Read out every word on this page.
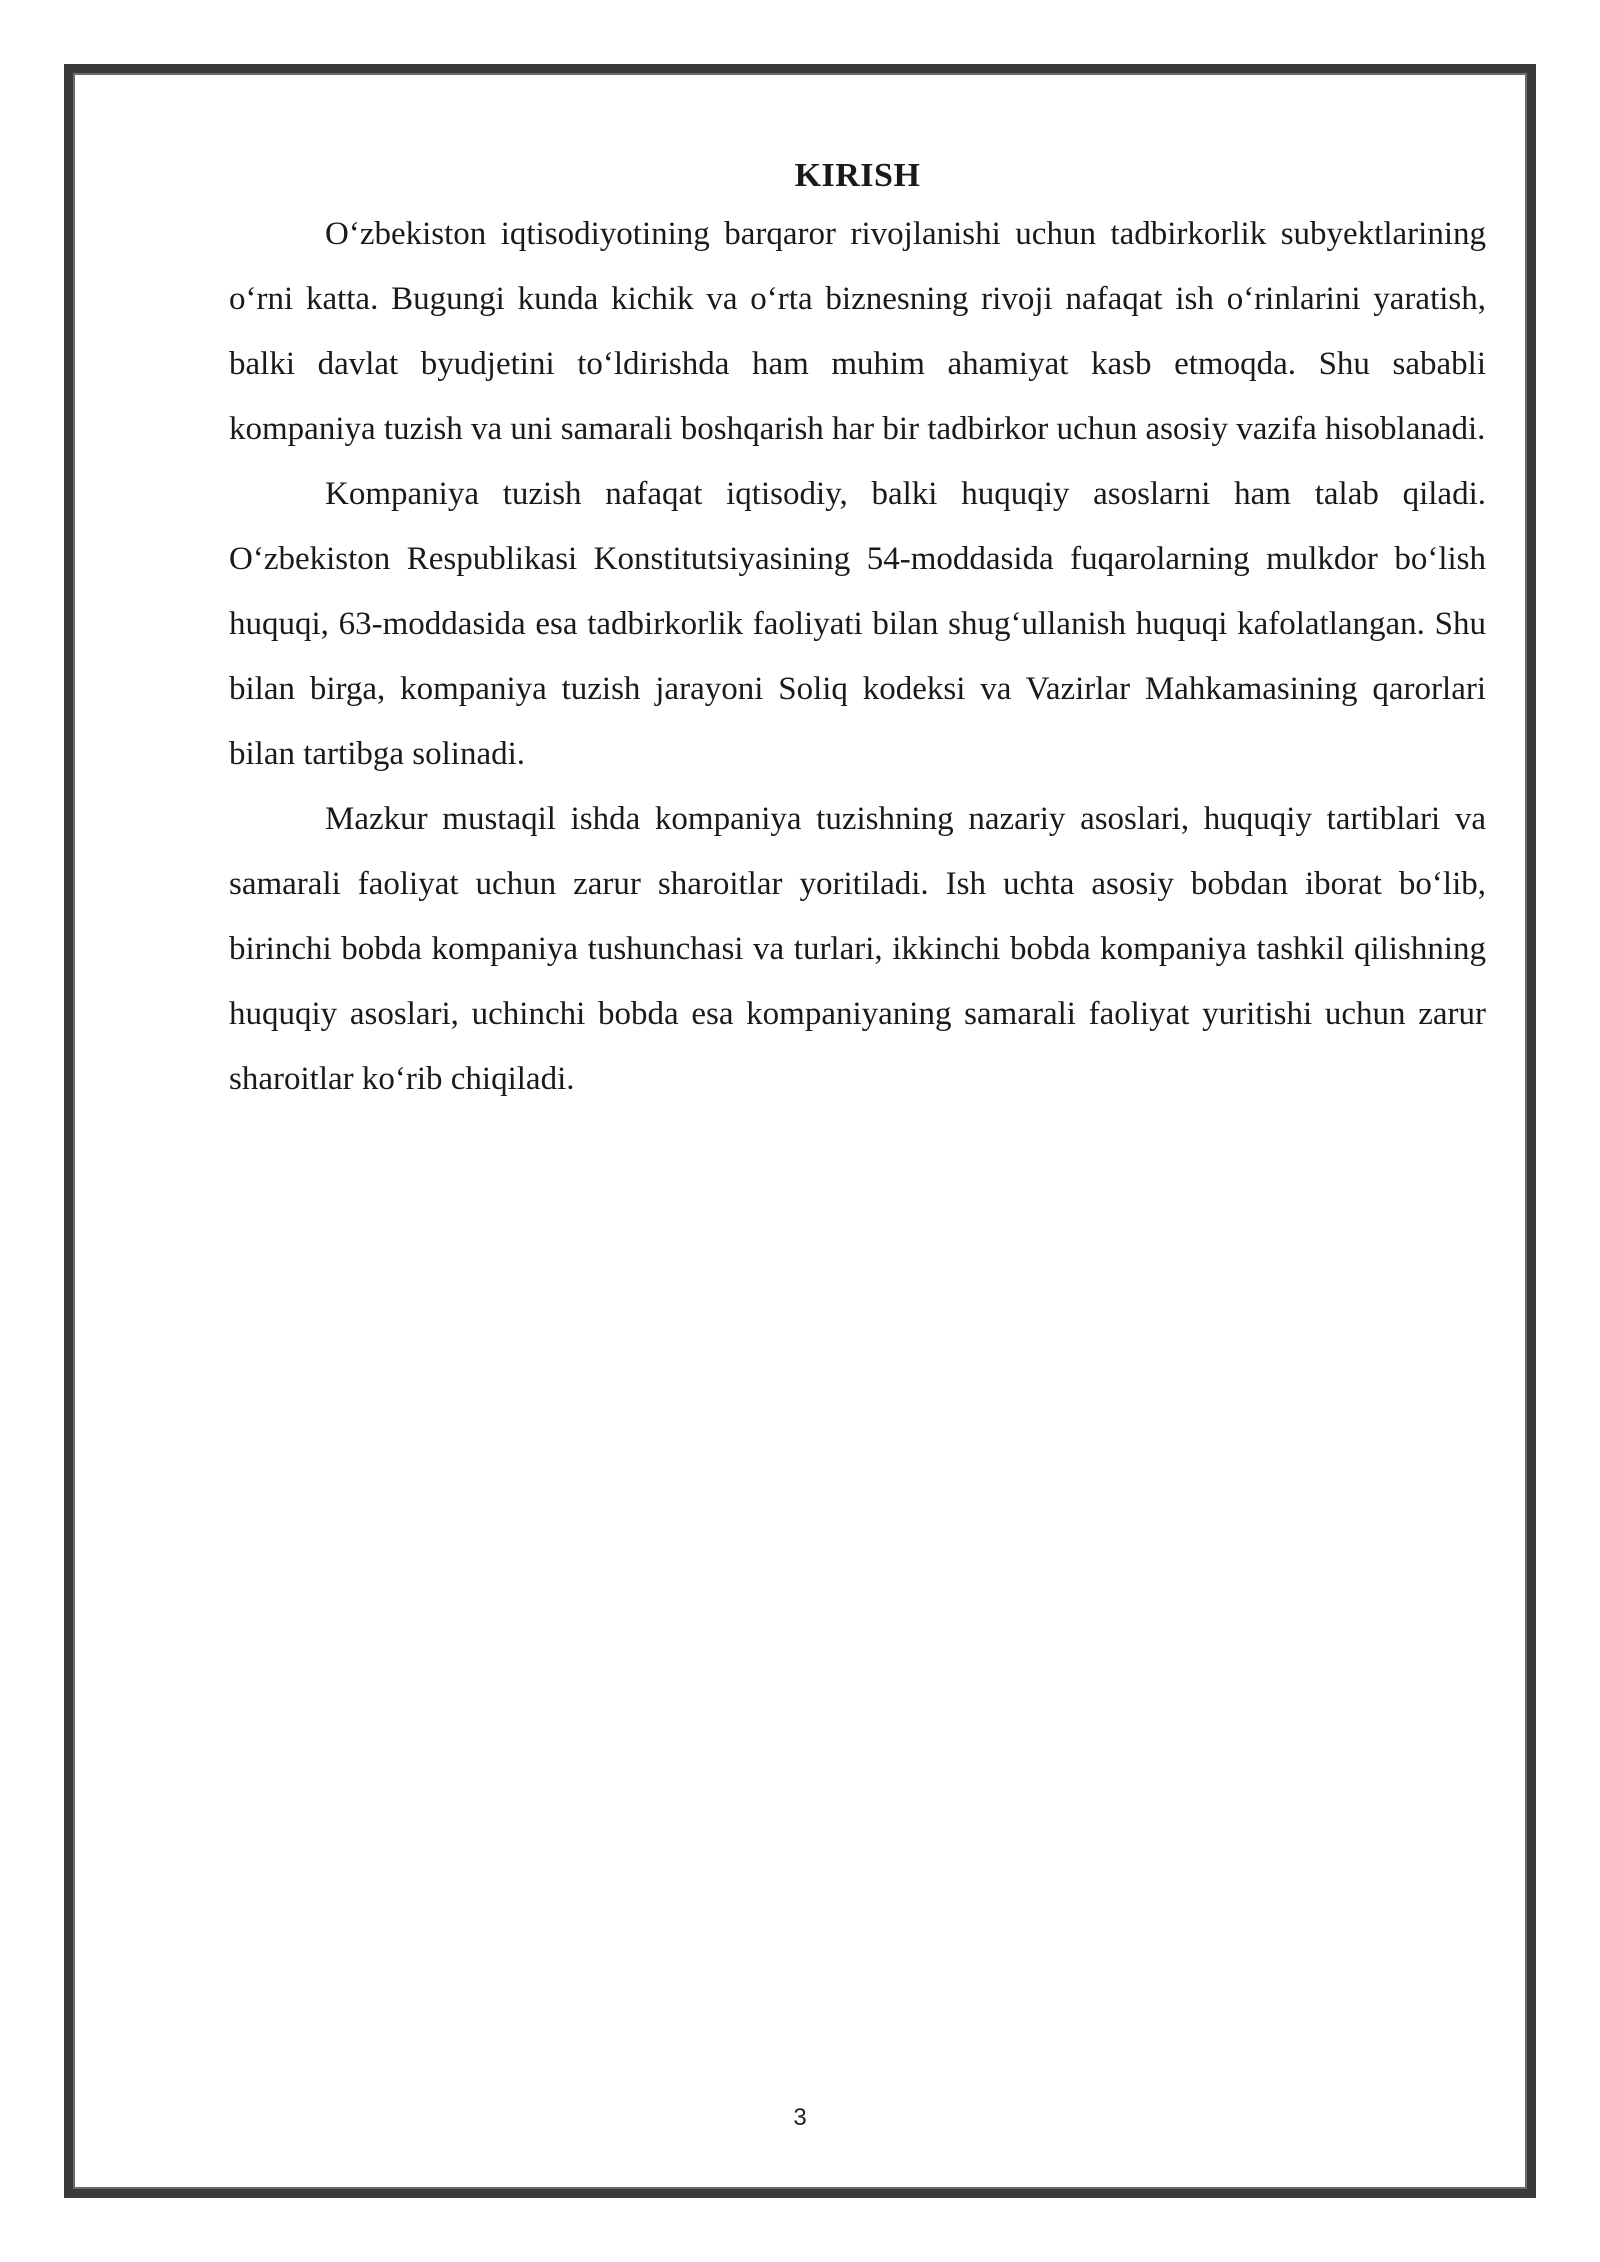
KIRISH

O‘zbekiston iqtisodiyotining barqaror rivojlanishi uchun tadbirkorlik subyektlarining o‘rni katta. Bugungi kunda kichik va o‘rta biznesning rivoji nafaqat ish o‘rinlarini yaratish, balki davlat byudjetini to‘ldirishda ham muhim ahamiyat kasb etmoqda. Shu sababli kompaniya tuzish va uni samarali boshqarish har bir tadbirkor uchun asosiy vazifa hisoblanadi.

Kompaniya tuzish nafaqat iqtisodiy, balki huquqiy asoslarni ham talab qiladi. O‘zbekiston Respublikasi Konstitutsiyasining 54-moddasida fuqarolarning mulkdor bo‘lish huquqi, 63-moddasida esa tadbirkorlik faoliyati bilan shug‘ullanish huquqi kafolatlangan. Shu bilan birga, kompaniya tuzish jarayoni Soliq kodeksi va Vazirlar Mahkamasining qarorlari bilan tartibga solinadi.

Mazkur mustaqil ishda kompaniya tuzishning nazariy asoslari, huquqiy tartiblari va samarali faoliyat uchun zarur sharoitlar yoritiladi. Ish uchta asosiy bobdan iborat bo‘lib, birinchi bobda kompaniya tushunchasi va turlari, ikkinchi bobda kompaniya tashkil qilishning huquqiy asoslari, uchinchi bobda esa kompaniyaning samarali faoliyat yuritishi uchun zarur sharoitlar ko‘rib chiqiladi.

3
